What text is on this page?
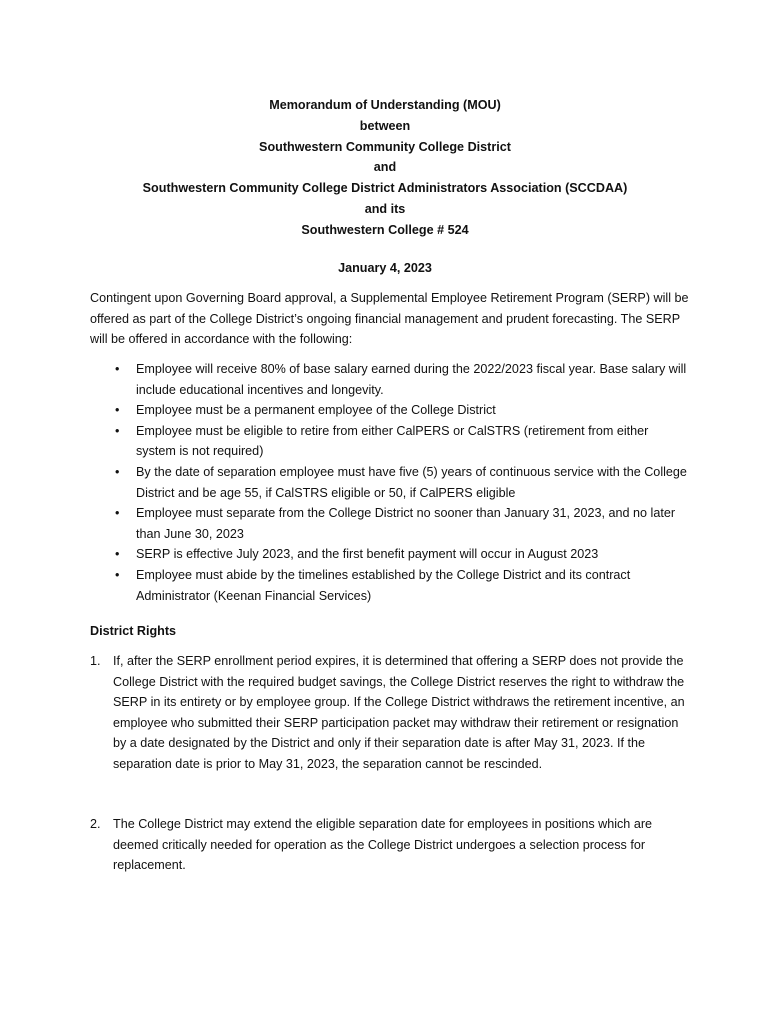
Memorandum of Understanding (MOU)
between
Southwestern Community College District
and
Southwestern Community College District Administrators Association (SCCDAA)
and its
Southwestern College # 524
January 4, 2023
Contingent upon Governing Board approval, a Supplemental Employee Retirement Program (SERP) will be offered as part of the College District’s ongoing financial management and prudent forecasting. The SERP will be offered in accordance with the following:
• Employee will receive 80% of base salary earned during the 2022/2023 fiscal year. Base salary will include educational incentives and longevity.
• Employee must be a permanent employee of the College District
• Employee must be eligible to retire from either CalPERS or CalSTRS (retirement from either system is not required)
• By the date of separation employee must have five (5) years of continuous service with the College District and be age 55, if CalSTRS eligible or 50, if CalPERS eligible
• Employee must separate from the College District no sooner than January 31, 2023, and no later than June 30, 2023
• SERP is effective July 2023, and the first benefit payment will occur in August 2023
• Employee must abide by the timelines established by the College District and its contract Administrator (Keenan Financial Services)
District Rights
1. If, after the SERP enrollment period expires, it is determined that offering a SERP does not provide the College District with the required budget savings, the College District reserves the right to withdraw the SERP in its entirety or by employee group. If the College District withdraws the retirement incentive, an employee who submitted their SERP participation packet may withdraw their retirement or resignation by a date designated by the District and only if their separation date is after May 31, 2023. If the separation date is prior to May 31, 2023, the separation cannot be rescinded.
2. The College District may extend the eligible separation date for employees in positions which are deemed critically needed for operation as the College District undergoes a selection process for replacement.
